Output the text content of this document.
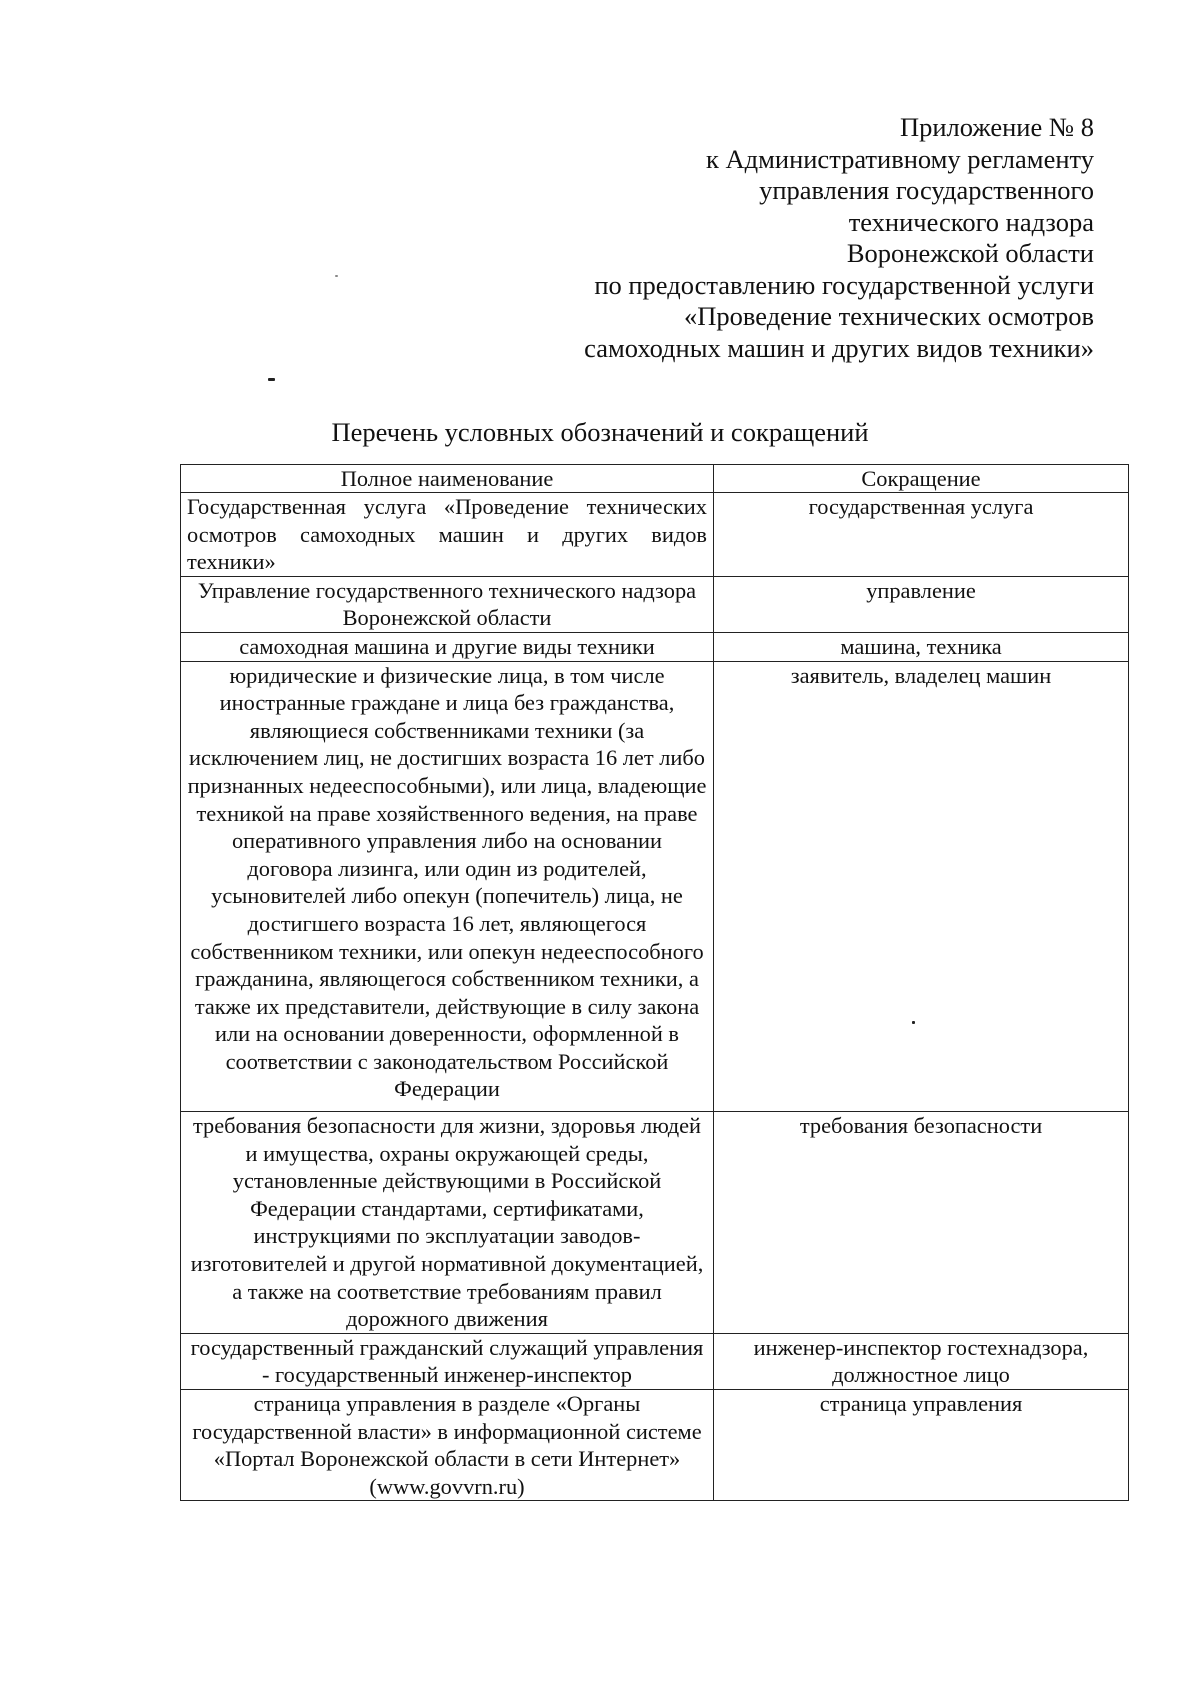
Приложение № 8
к Административному регламенту
управления государственного
технического надзора
Воронежской области
по предоставлению государственной услуги
«Проведение технических осмотров
самоходных машин и других видов техники»
Перечень условных обозначений и сокращений
Полное наименование	Сокращение
Государственная услуга «Проведение технических осмотров самоходных машин и других видов техники»	государственная услуга
Управление государственного технического надзора Воронежской области	управление
самоходная машина и другие виды техники	машина, техника
юридические и физические лица, в том числе иностранные граждане и лица без гражданства, являющиеся собственниками техники (за исключением лиц, не достигших возраста 16 лет либо признанных недееспособными), или лица, владеющие техникой на праве хозяйственного ведения, на праве оперативного управления либо на основании договора лизинга, или один из родителей, усыновителей либо опекун (попечитель) лица, не достигшего возраста 16 лет, являющегося собственником техники, или опекун недееспособного гражданина, являющегося собственником техники, а также их представители, действующие в силу закона или на основании доверенности, оформленной в соответствии с законодательством Российской Федерации	заявитель, владелец машин
требования безопасности для жизни, здоровья людей и имущества, охраны окружающей среды, установленные действующими в Российской Федерации стандартами, сертификатами, инструкциями по эксплуатации заводов-изготовителей и другой нормативной документацией, а также на соответствие требованиям правил дорожного движения	требования безопасности
государственный гражданский служащий управления - государственный инженер-инспектор	инженер-инспектор гостехнадзора, должностное лицо
страница управления в разделе «Органы государственной власти» в информационной системе «Портал Воронежской области в сети Интернет» (www.govvrn.ru)	страница управления
